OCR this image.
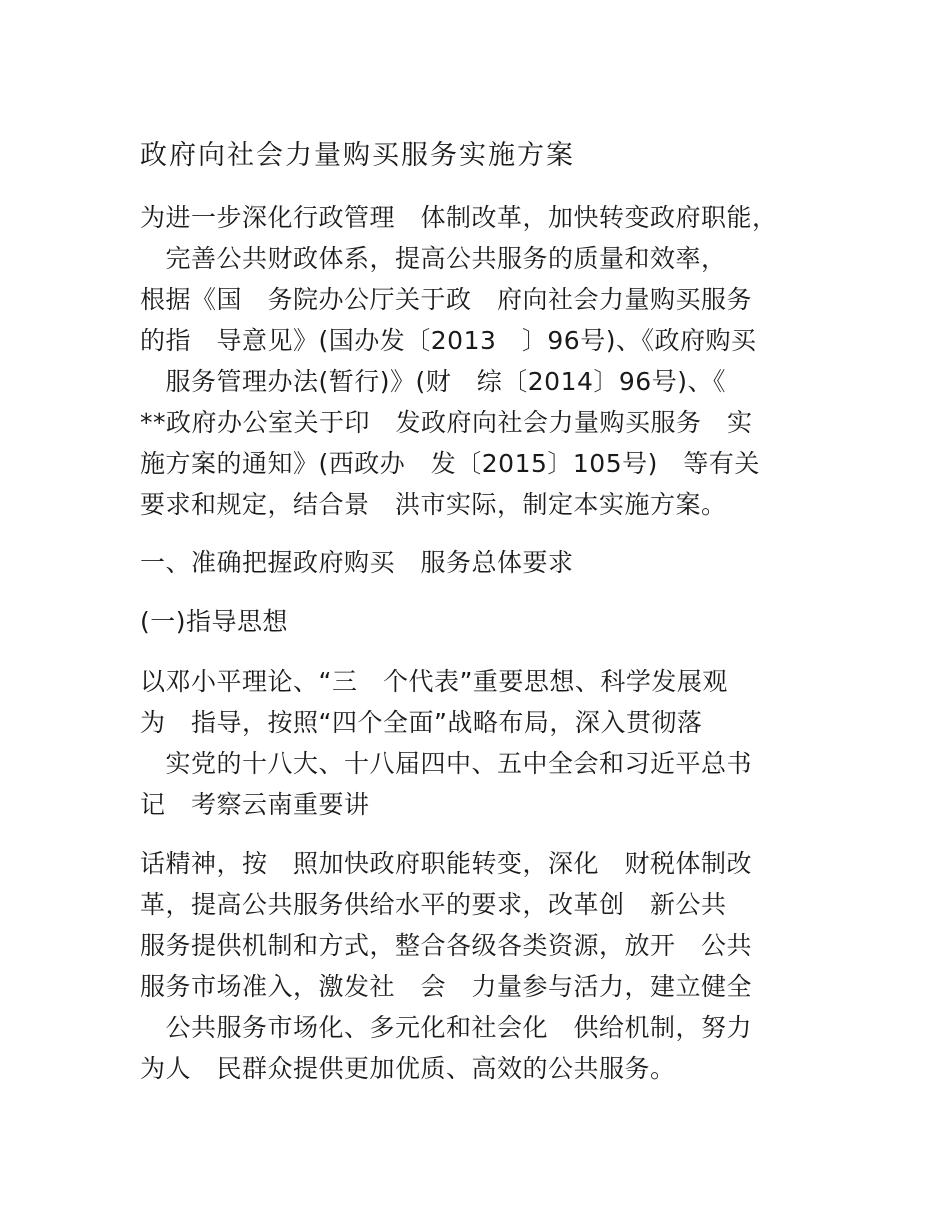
政府向社会力量购买服务实施方案
为进一步深化行政管理　体制改革，加快转变政府职能，
　完善公共财政体系，提高公共服务的质量和效率，
根据《国　务院办公厅关于政　府向社会力量购买服务
的指　导意见》(国办发〔2013　〕96号)、《政府购买
　服务管理办法(暂行)》(财　综〔2014〕96号)、《
**政府办公室关于印　发政府向社会力量购买服务　实
施方案的通知》(西政办　发〔2015〕105号)　等有关
要求和规定，结合景　洪市实际，制定本实施方案。
一、准确把握政府购买　服务总体要求
(一)指导思想
以邓小平理论、“三　个代表”重要思想、科学发展观
为　指导，按照“四个全面”战略布局，深入贯彻落
　实党的十八大、十八届四中、五中全会和习近平总书
记　考察云南重要讲
话精神，按　照加快政府职能转变，深化　财税体制改
革，提高公共服务供给水平的要求，改革创　新公共
服务提供机制和方式，整合各级各类资源，放开　公共
服务市场准入，激发社　会　力量参与活力，建立健全
　公共服务市场化、多元化和社会化　供给机制，努力
为人　民群众提供更加优质、高效的公共服务。
